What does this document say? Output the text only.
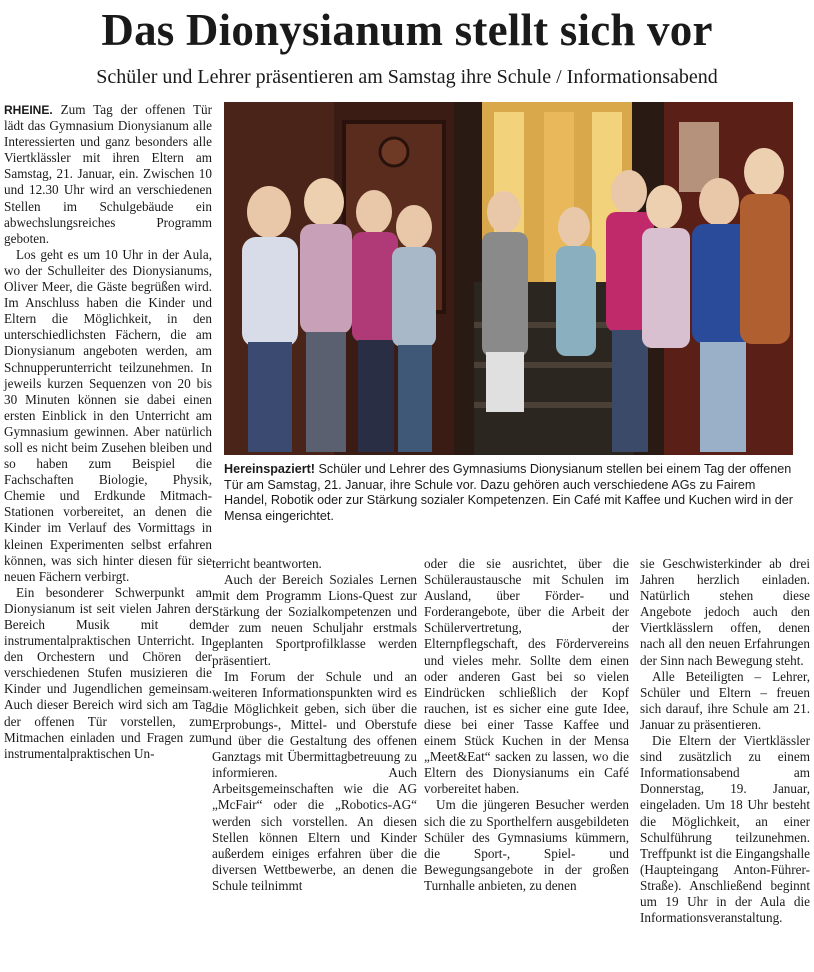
Das Dionysianum stellt sich vor
Schüler und Lehrer präsentieren am Samstag ihre Schule / Informationsabend

RHEINE. Zum Tag der offenen Tür lädt das Gymnasium Dionysianum alle Interessierten und ganz besonders alle Viertklässler mit ihren Eltern am Samstag, 21. Januar, ein. Zwischen 10 und 12.30 Uhr wird an verschiedenen Stellen im Schulgebäude ein abwechslungsreiches Programm geboten.

Los geht es um 10 Uhr in der Aula, wo der Schulleiter des Dionysianums, Oliver Meer, die Gäste begrüßen wird. Im Anschluss haben die Kinder und Eltern die Möglichkeit, in den unterschiedlichsten Fächern, die am Dionysianum angeboten werden, am Schnupperunterricht teilzunehmen. In jeweils kurzen Sequenzen von 20 bis 30 Minuten können sie dabei einen ersten Einblick in den Unterricht am Gymnasium gewinnen. Aber natürlich soll es nicht beim Zusehen bleiben und so haben zum Beispiel die Fachschaften Biologie, Physik, Chemie und Erdkunde Mitmach-Stationen vorbereitet, an denen die Kinder im Verlauf des Vormittags in kleinen Experimenten selbst erfahren können, was sich hinter diesen für sie neuen Fächern verbirgt.

Ein besonderer Schwerpunkt am Dionysianum ist seit vielen Jahren der Bereich Musik mit dem instrumentalpraktischen Unterricht. In den Orchestern und Chören der verschiedenen Stufen musizieren die Kinder und Jugendlichen gemeinsam. Auch dieser Bereich wird sich am Tag der offenen Tür vorstellen, zum Mitmachen einladen und Fragen zum instrumentalpraktischen Un-

Hereinspaziert! Schüler und Lehrer des Gymnasiums Dionysianum stellen bei einem Tag der offenen Tür am Samstag, 21. Januar, ihre Schule vor. Dazu gehören auch verschiedene AGs zu Fairem Handel, Robotik oder zur Stärkung sozialer Kompetenzen. Ein Café mit Kaffee und Kuchen wird in der Mensa eingerichtet.

terricht beantworten.

Auch der Bereich Soziales Lernen mit dem Programm Lions-Quest zur Stärkung der Sozialkompetenzen und der zum neuen Schuljahr erstmals geplanten Sportprofilklasse werden präsentiert.

Im Forum der Schule und an weiteren Informationspunkten wird es die Möglichkeit geben, sich über die Erprobungs-, Mittel- und Oberstufe und über die Gestaltung des offenen Ganztags mit Übermittagbetreuung zu informieren. Auch Arbeitsgemeinschaften wie die AG „McFair“ oder die „Robotics-AG“ werden sich vorstellen. An diesen Stellen können Eltern und Kinder außerdem einiges erfahren über die diversen Wettbewerbe, an denen die Schule teilnimmt

oder die sie ausrichtet, über die Schüleraustausche mit Schulen im Ausland, über Förder- und Forderangebote, über die Arbeit der Schülervertretung, der Elternpflegschaft, des Fördervereins und vieles mehr. Sollte dem einen oder anderen Gast bei so vielen Eindrücken schließlich der Kopf rauchen, ist es sicher eine gute Idee, diese bei einer Tasse Kaffee und einem Stück Kuchen in der Mensa „Meet&Eat“ sacken zu lassen, wo die Eltern des Dionysianums ein Café vorbereitet haben.

Um die jüngeren Besucher werden sich die zu Sporthelfern ausgebildeten Schüler des Gymnasiums kümmern, die Sport-, Spiel- und Bewegungsangebote in der großen Turnhalle anbieten, zu denen

sie Geschwisterkinder ab drei Jahren herzlich einladen. Natürlich stehen diese Angebote jedoch auch den Viertklässlern offen, denen nach all den neuen Erfahrungen der Sinn nach Bewegung steht.

Alle Beteiligten – Lehrer, Schüler und Eltern – freuen sich darauf, ihre Schule am 21. Januar zu präsentieren.

Die Eltern der Viertklässler sind zusätzlich zu einem Informationsabend am Donnerstag, 19. Januar, eingeladen. Um 18 Uhr besteht die Möglichkeit, an einer Schulführung teilzunehmen. Treffpunkt ist die Eingangshalle (Haupteingang Anton-Führer-Straße). Anschließend beginnt um 19 Uhr in der Aula die Informationsveranstaltung.
